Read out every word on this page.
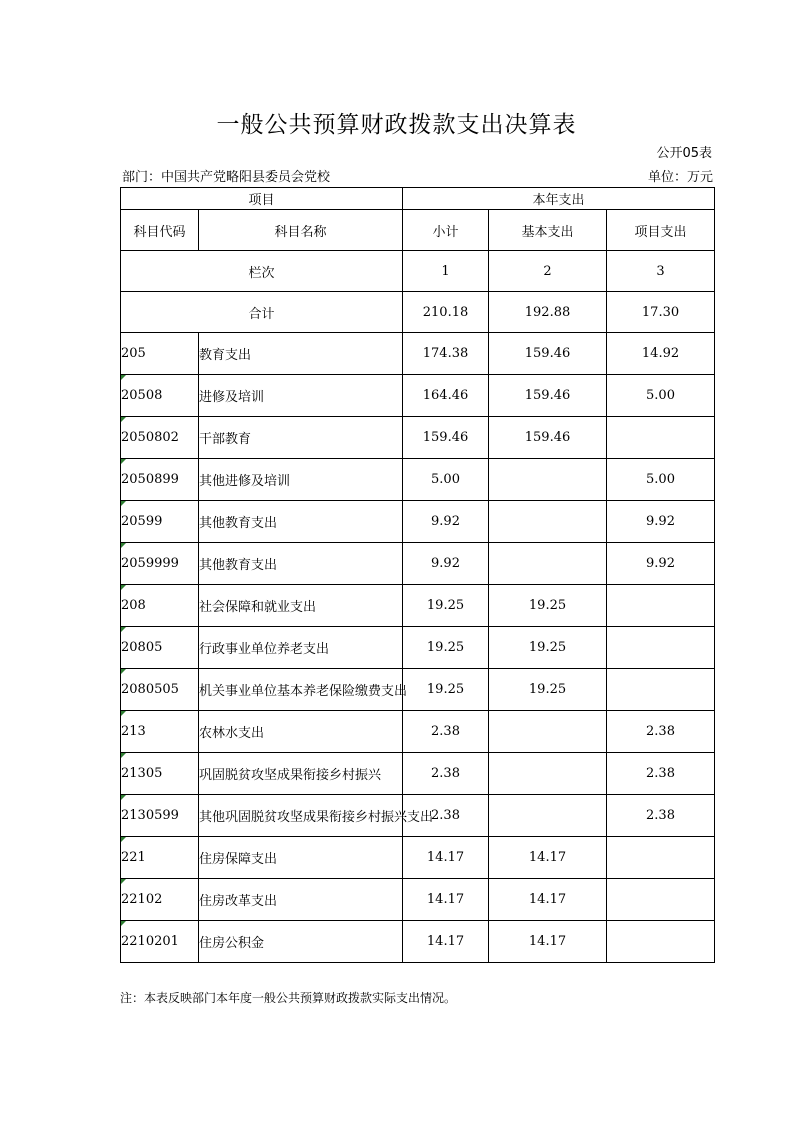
一般公共预算财政拨款支出决算表
公开05表
部门：中国共产党略阳县委员会党校	单位：万元
项目		本年支出		
科目代码	科目名称	小计	基本支出	项目支出
栏次		1	2	3
合计		210.18	192.88	17.30
205	教育支出	174.38	159.46	14.92
20508	进修及培训	164.46	159.46	5.00
2050802	干部教育	159.46	159.46	
2050899	其他进修及培训	5.00		5.00
20599	其他教育支出	9.92		9.92
2059999	其他教育支出	9.92		9.92
208	社会保障和就业支出	19.25	19.25	
20805	行政事业单位养老支出	19.25	19.25	
2080505	机关事业单位基本养老保险缴费支出	19.25	19.25	
213	农林水支出	2.38		2.38
21305	巩固脱贫攻坚成果衔接乡村振兴	2.38		2.38
2130599	其他巩固脱贫攻坚成果衔接乡村振兴支出	2.38		2.38
221	住房保障支出	14.17	14.17	
22102	住房改革支出	14.17	14.17	
2210201	住房公积金	14.17	14.17	
注：本表反映部门本年度一般公共预算财政拨款实际支出情况。
